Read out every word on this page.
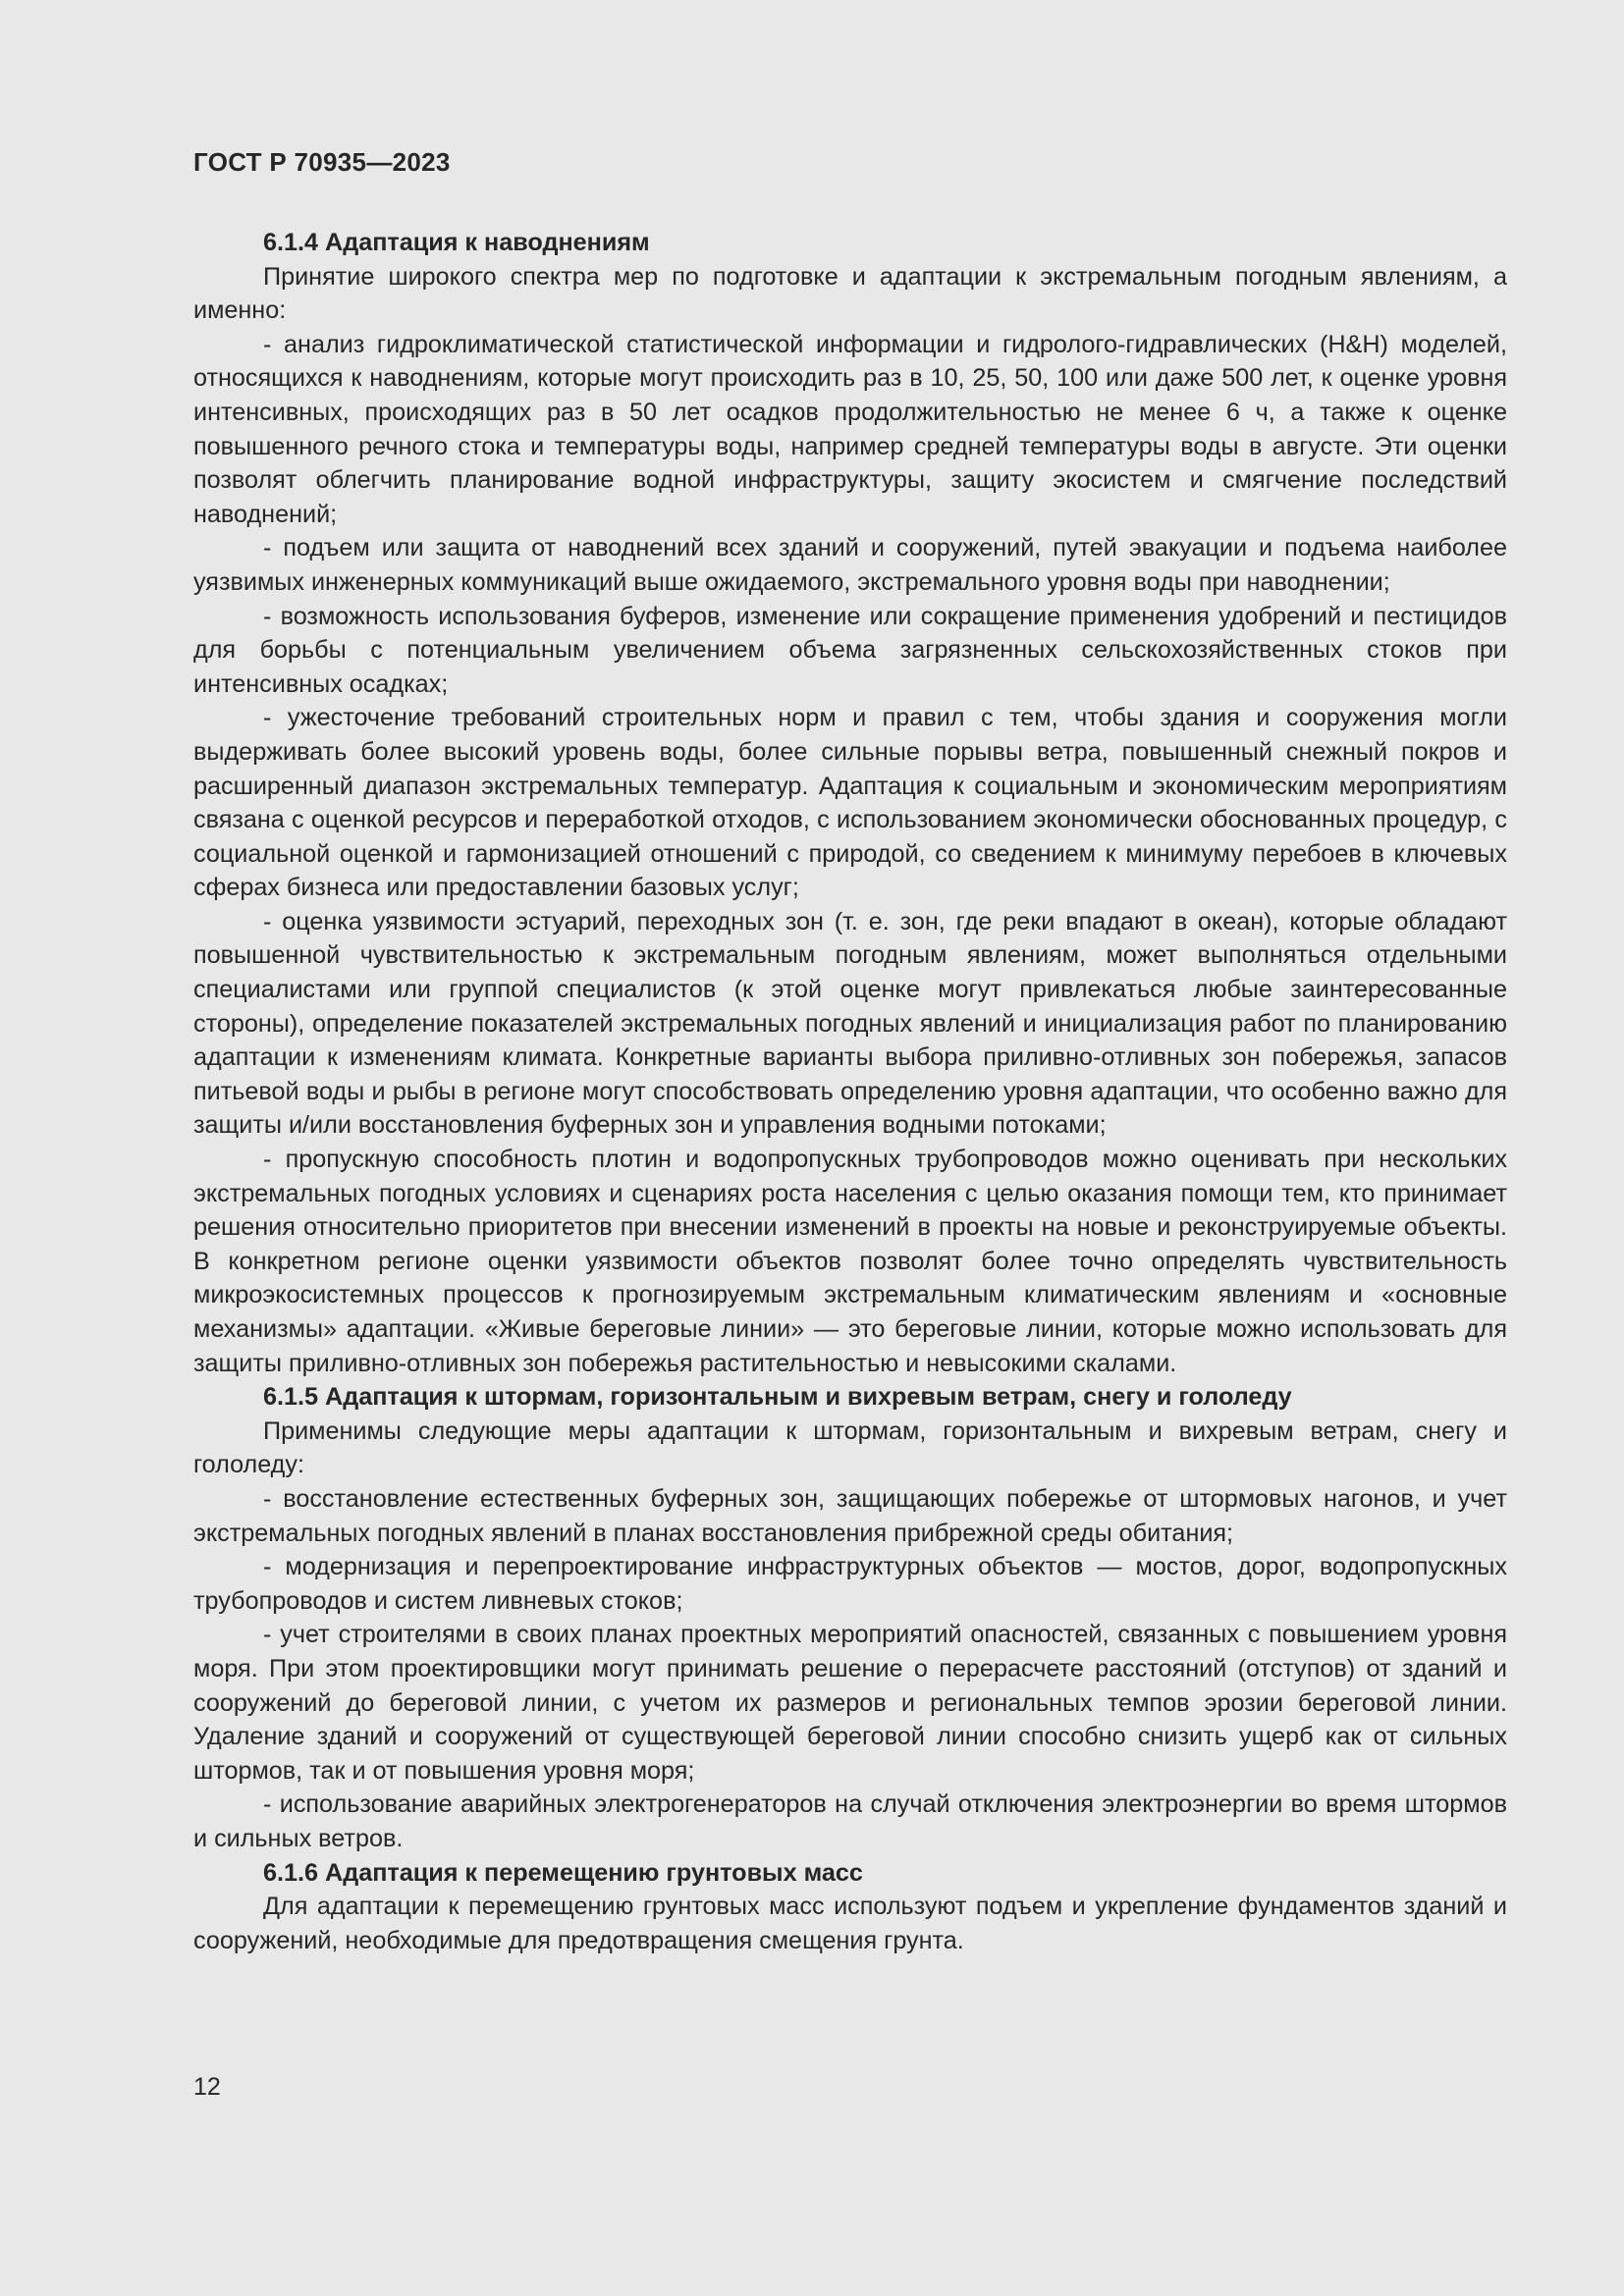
ГОСТ Р 70935—2023
6.1.4 Адаптация к наводнениям

Принятие широкого спектра мер по подготовке и адаптации к экстремальным погодным явлениям, а именно:

- анализ гидроклиматической статистической информации и гидролого-гидравлических (H&H) моделей, относящихся к наводнениям, которые могут происходить раз в 10, 25, 50, 100 или даже 500 лет, к оценке уровня интенсивных, происходящих раз в 50 лет осадков продолжительностью не менее 6 ч, а также к оценке повышенного речного стока и температуры воды, например средней температуры воды в августе. Эти оценки позволят облегчить планирование водной инфраструктуры, защиту экосистем и смягчение последствий наводнений;

- подъем или защита от наводнений всех зданий и сооружений, путей эвакуации и подъема наиболее уязвимых инженерных коммуникаций выше ожидаемого, экстремального уровня воды при наводнении;

- возможность использования буферов, изменение или сокращение применения удобрений и пестицидов для борьбы с потенциальным увеличением объема загрязненных сельскохозяйственных стоков при интенсивных осадках;

- ужесточение требований строительных норм и правил с тем, чтобы здания и сооружения могли выдерживать более высокий уровень воды, более сильные порывы ветра, повышенный снежный покров и расширенный диапазон экстремальных температур. Адаптация к социальным и экономическим мероприятиям связана с оценкой ресурсов и переработкой отходов, с использованием экономически обоснованных процедур, с социальной оценкой и гармонизацией отношений с природой, со сведением к минимуму перебоев в ключевых сферах бизнеса или предоставлении базовых услуг;

- оценка уязвимости эстуарий, переходных зон (т. е. зон, где реки впадают в океан), которые обладают повышенной чувствительностью к экстремальным погодным явлениям, может выполняться отдельными специалистами или группой специалистов (к этой оценке могут привлекаться любые заинтересованные стороны), определение показателей экстремальных погодных явлений и инициализация работ по планированию адаптации к изменениям климата. Конкретные варианты выбора приливно-отливных зон побережья, запасов питьевой воды и рыбы в регионе могут способствовать определению уровня адаптации, что особенно важно для защиты и/или восстановления буферных зон и управления водными потоками;

- пропускную способность плотин и водопропускных трубопроводов можно оценивать при нескольких экстремальных погодных условиях и сценариях роста населения с целью оказания помощи тем, кто принимает решения относительно приоритетов при внесении изменений в проекты на новые и реконструируемые объекты. В конкретном регионе оценки уязвимости объектов позволят более точно определять чувствительность микроэкосистемных процессов к прогнозируемым экстремальным климатическим явлениям и «основные механизмы» адаптации. «Живые береговые линии» — это береговые линии, которые можно использовать для защиты приливно-отливных зон побережья растительностью и невысокими скалами.

6.1.5 Адаптация к штормам, горизонтальным и вихревым ветрам, снегу и гололеду

Применимы следующие меры адаптации к штормам, горизонтальным и вихревым ветрам, снегу и гололеду:

- восстановление естественных буферных зон, защищающих побережье от штормовых нагонов, и учет экстремальных погодных явлений в планах восстановления прибрежной среды обитания;

- модернизация и перепроектирование инфраструктурных объектов — мостов, дорог, водопропускных трубопроводов и систем ливневых стоков;

- учет строителями в своих планах проектных мероприятий опасностей, связанных с повышением уровня моря. При этом проектировщики могут принимать решение о перерасчете расстояний (отступов) от зданий и сооружений до береговой линии, с учетом их размеров и региональных темпов эрозии береговой линии. Удаление зданий и сооружений от существующей береговой линии способно снизить ущерб как от сильных штормов, так и от повышения уровня моря;

- использование аварийных электрогенераторов на случай отключения электроэнергии во время штормов и сильных ветров.

6.1.6 Адаптация к перемещению грунтовых масс

Для адаптации к перемещению грунтовых масс используют подъем и укрепление фундаментов зданий и сооружений, необходимые для предотвращения смещения грунта.

12
